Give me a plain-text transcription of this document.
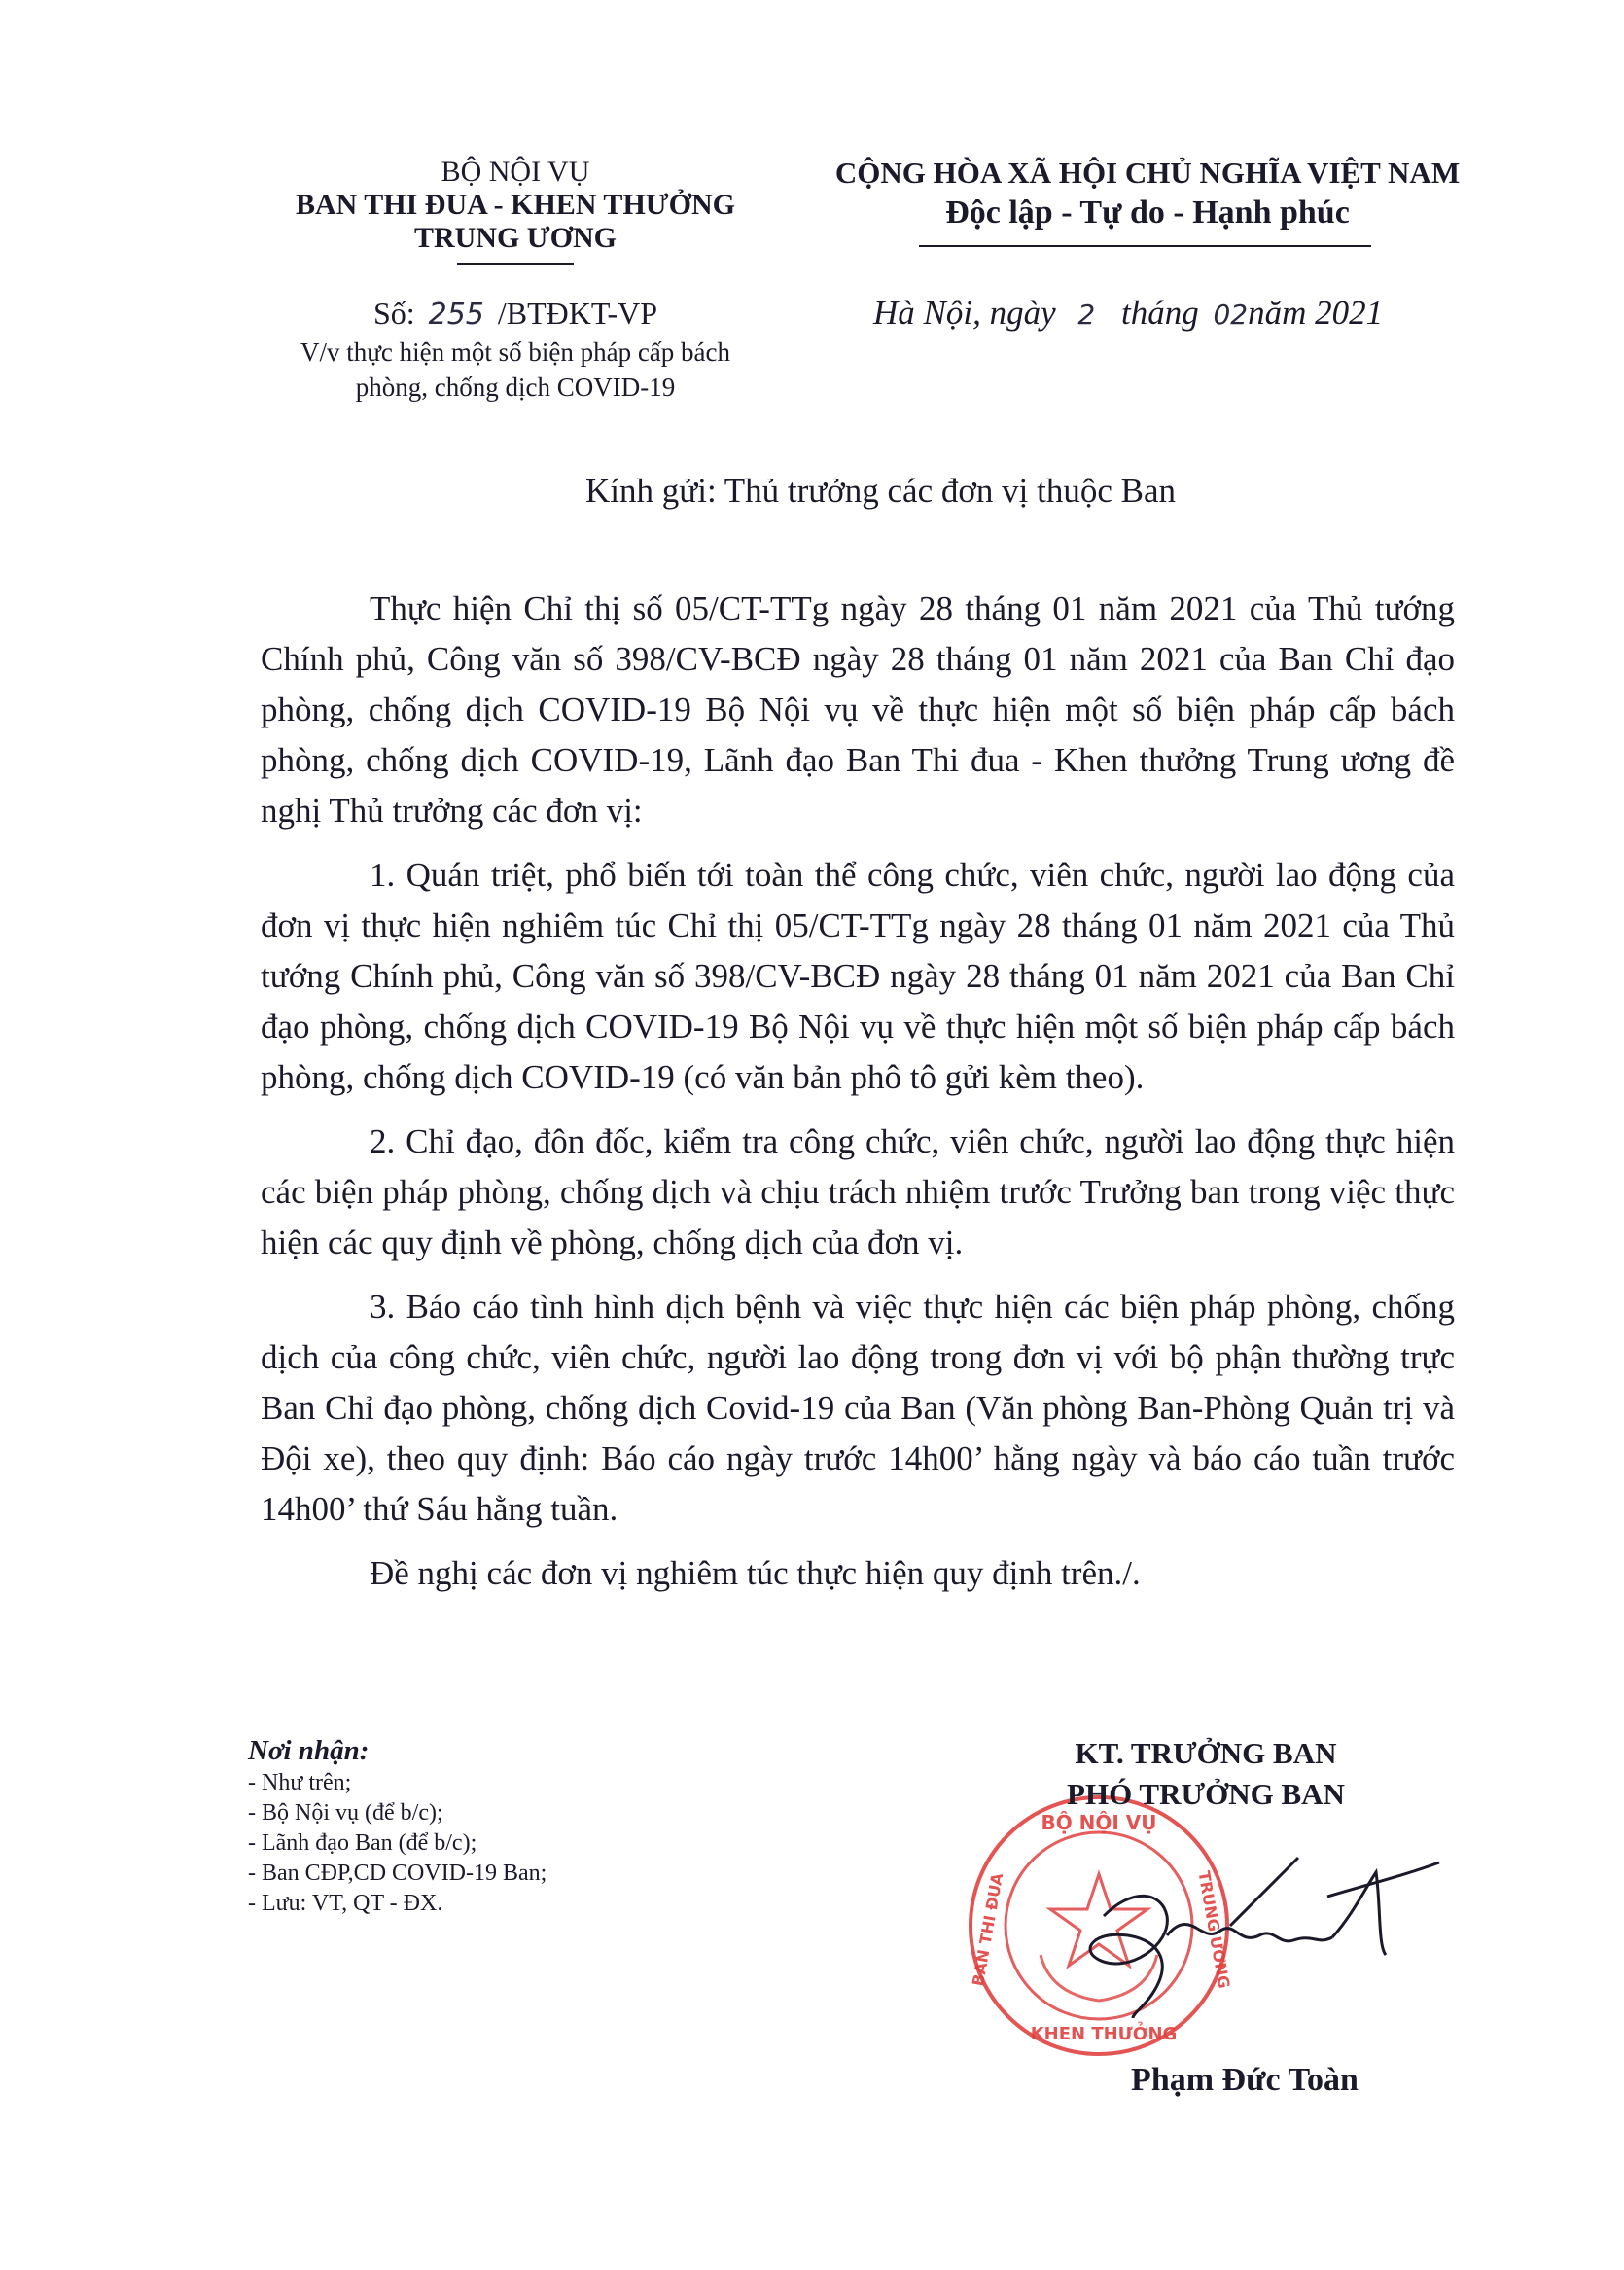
BỘ NỘI VỤ
BAN THI ĐUA - KHEN THƯỞNG
TRUNG ƯƠNG
Số: 255 /BTĐKT-VP
V/v thực hiện một số biện pháp cấp bách
phòng, chống dịch COVID-19
CỘNG HÒA XÃ HỘI CHỦ NGHĨA VIỆT NAM
Độc lập - Tự do - Hạnh phúc
Hà Nội, ngày 2 tháng 02năm 2021
Kính gửi: Thủ trưởng các đơn vị thuộc Ban

Thực hiện Chỉ thị số 05/CT-TTg ngày 28 tháng 01 năm 2021 của Thủ tướng Chính phủ, Công văn số 398/CV-BCĐ ngày 28 tháng 01 năm 2021 của Ban Chỉ đạo phòng, chống dịch COVID-19 Bộ Nội vụ về thực hiện một số biện pháp cấp bách phòng, chống dịch COVID-19, Lãnh đạo Ban Thi đua - Khen thưởng Trung ương đề nghị Thủ trưởng các đơn vị:

1. Quán triệt, phổ biến tới toàn thể công chức, viên chức, người lao động của đơn vị thực hiện nghiêm túc Chỉ thị 05/CT-TTg ngày 28 tháng 01 năm 2021 của Thủ tướng Chính phủ, Công văn số 398/CV-BCĐ ngày 28 tháng 01 năm 2021 của Ban Chỉ đạo phòng, chống dịch COVID-19 Bộ Nội vụ về thực hiện một số biện pháp cấp bách phòng, chống dịch COVID-19 (có văn bản phô tô gửi kèm theo).

2. Chỉ đạo, đôn đốc, kiểm tra công chức, viên chức, người lao động thực hiện các biện pháp phòng, chống dịch và chịu trách nhiệm trước Trưởng ban trong việc thực hiện các quy định về phòng, chống dịch của đơn vị.

3. Báo cáo tình hình dịch bệnh và việc thực hiện các biện pháp phòng, chống dịch của công chức, viên chức, người lao động trong đơn vị với bộ phận thường trực Ban Chỉ đạo phòng, chống dịch Covid-19 của Ban (Văn phòng Ban-Phòng Quản trị và Đội xe), theo quy định: Báo cáo ngày trước 14h00’ hằng ngày và báo cáo tuần trước 14h00’ thứ Sáu hằng tuần.

Đề nghị các đơn vị nghiêm túc thực hiện quy định trên./.

Nơi nhận:
- Như trên;
- Bộ Nội vụ (để b/c);
- Lãnh đạo Ban (để b/c);
- Ban CĐP,CD COVID-19 Ban;
- Lưu: VT, QT - ĐX.
BỘ NỘI VỤ
BAN THI ĐUA
KHEN THƯỞNG
TRUNG ƯƠNG
KT. TRƯỞNG BAN
PHÓ TRƯỞNG BAN
Phạm Đức Toàn
